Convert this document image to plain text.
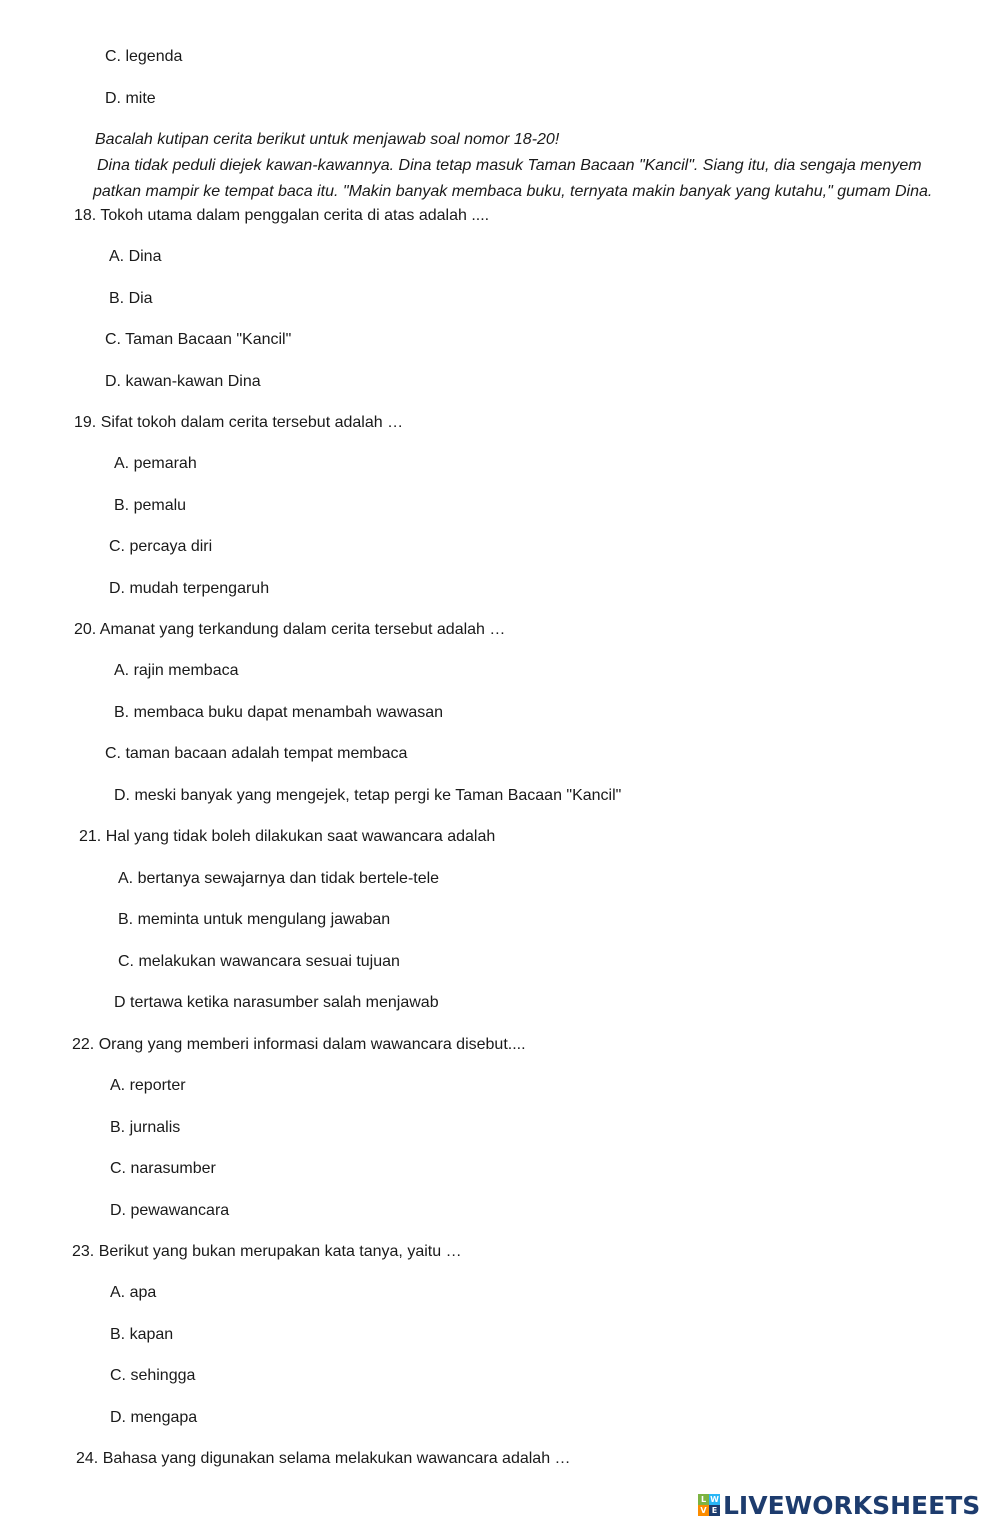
C. legenda
D. mite
Bacalah kutipan cerita berikut untuk menjawab soal nomor 18-20!
Dina tidak peduli diejek kawan-kawannya. Dina tetap masuk Taman Bacaan "Kancil". Siang itu, dia sengaja menyem
patkan mampir ke tempat baca itu. "Makin banyak membaca buku, ternyata makin banyak yang kutahu," gumam Dina.
18. Tokoh utama dalam penggalan cerita di atas adalah ....
A. Dina
B. Dia
C. Taman Bacaan "Kancil"
D. kawan-kawan Dina
19. Sifat tokoh dalam cerita tersebut adalah …
A. pemarah
B. pemalu
C. percaya diri
D. mudah terpengaruh
20. Amanat yang terkandung dalam cerita tersebut adalah …
A. rajin membaca
B. membaca buku dapat menambah wawasan
C. taman bacaan adalah tempat membaca
D. meski banyak yang mengejek, tetap pergi ke Taman Bacaan "Kancil"
21. Hal yang tidak boleh dilakukan saat wawancara adalah
A. bertanya sewajarnya dan tidak bertele-tele
B. meminta untuk mengulang jawaban
C. melakukan wawancara sesuai tujuan
D tertawa ketika narasumber salah menjawab
22. Orang yang memberi informasi dalam wawancara disebut....
A. reporter
B. jurnalis
C. narasumber
D. pewawancara
23. Berikut yang bukan merupakan kata tanya, yaitu …
A. apa
B. kapan
C. sehingga
D. mengapa
24. Bahasa yang digunakan selama melakukan wawancara adalah …
L W
V E LIVEWORKSHEETS
